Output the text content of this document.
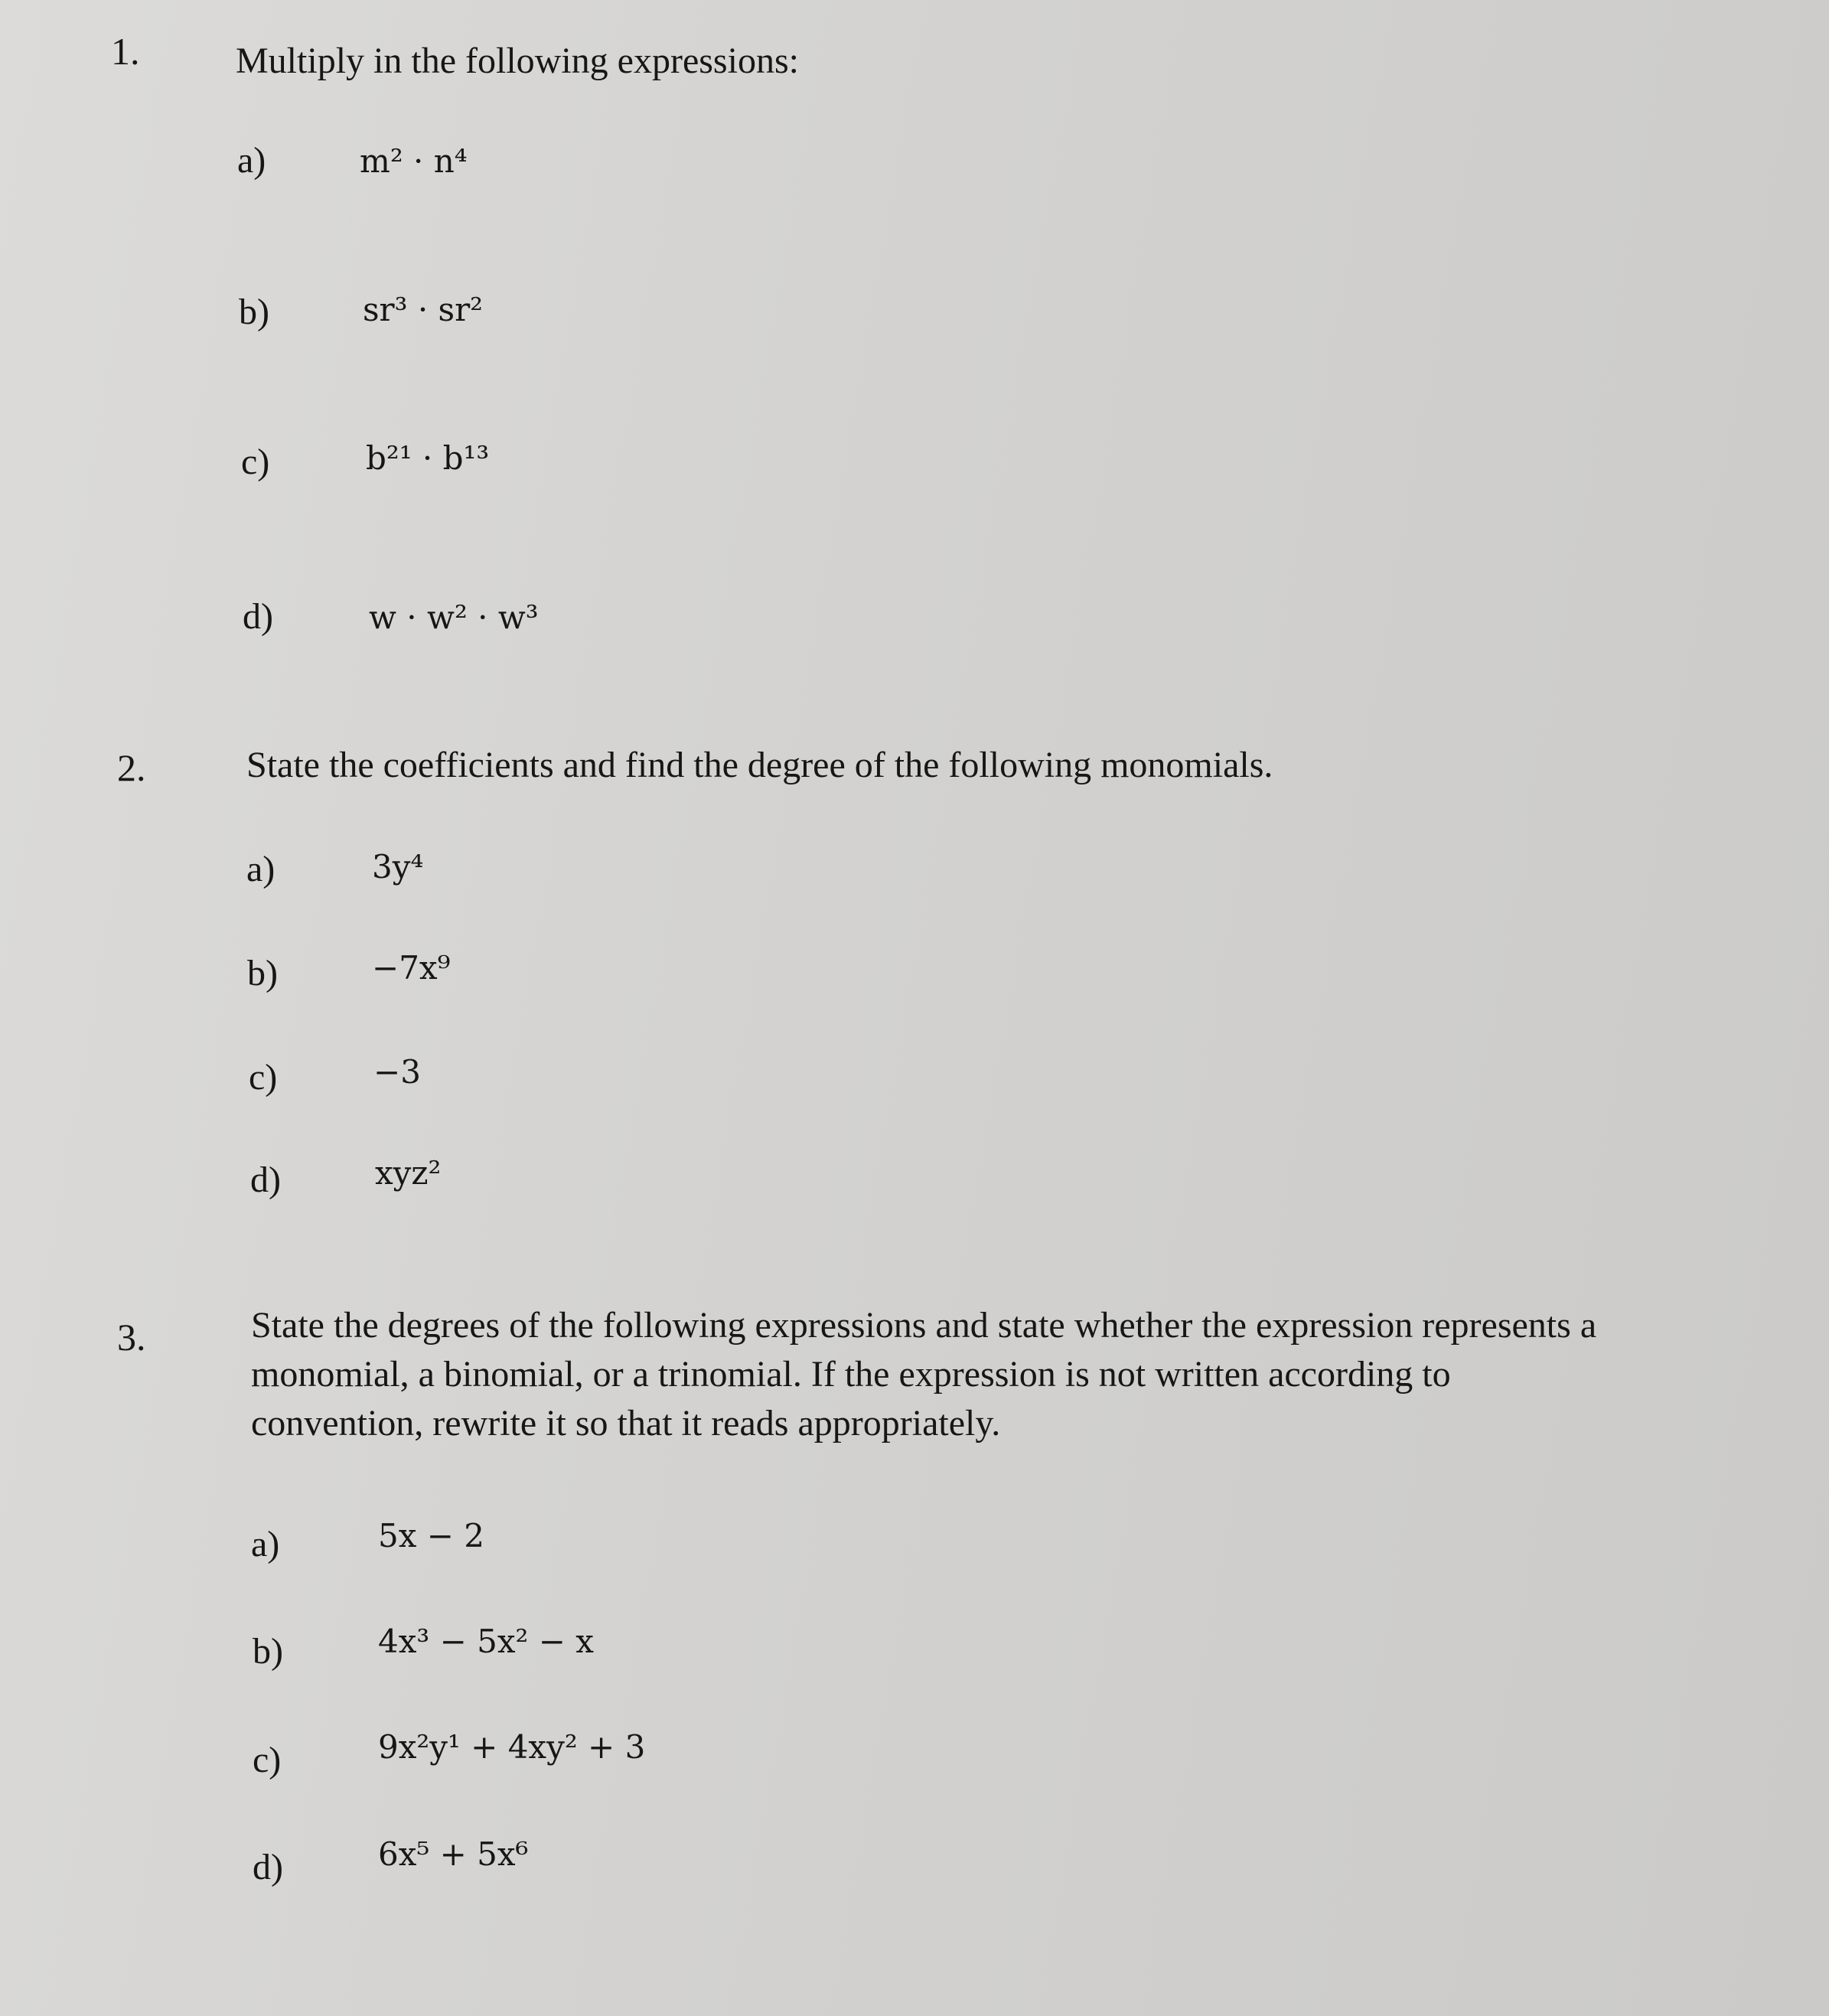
1.	Multiply in the following expressions:
a)	m² · n⁴
b)	sr³ · sr²
c)	b²¹ · b¹³
d)	w · w² · w³
2.	State the coefficients and find the degree of the following monomials.
a)	3y⁴
b)	−7x⁹
c)	−3
d)	xyz²
3.	State the degrees of the following expressions and state whether the expression represents a monomial, a binomial, or a trinomial. If the expression is not written according to convention, rewrite it so that it reads appropriately.
a)	5x − 2
b)	4x³ − 5x² − x
c)	9x²y¹ + 4xy² + 3
d)	6x⁵ + 5x⁶
